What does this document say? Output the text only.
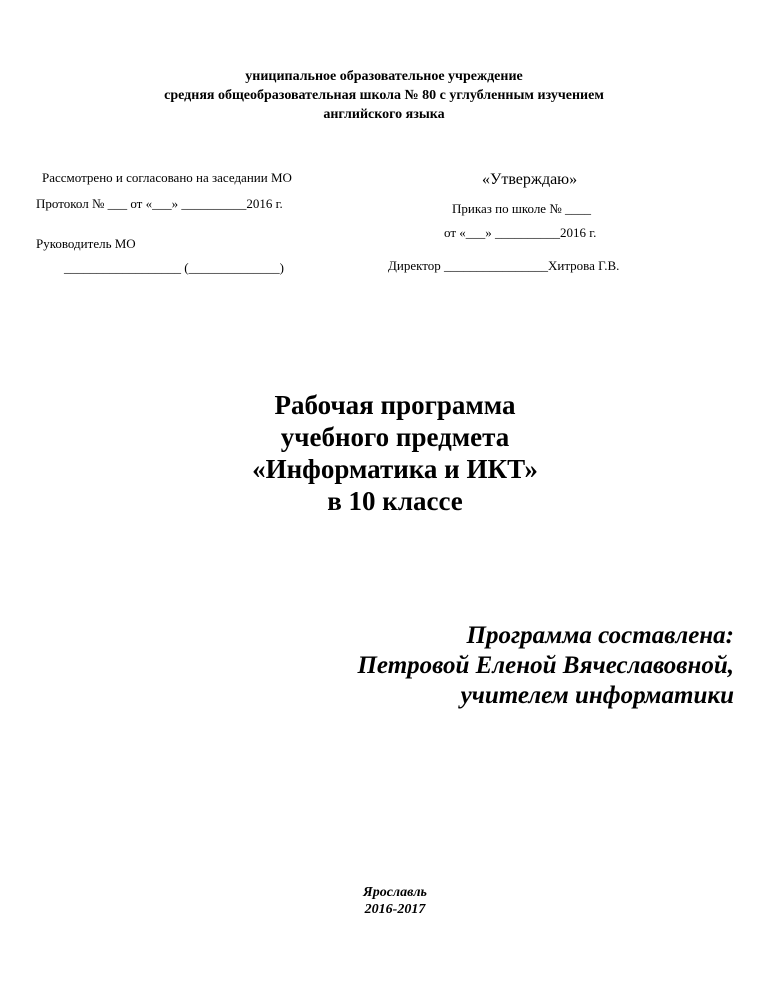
униципальное образовательное учреждение
средняя общеобразовательная школа № 80 с углубленным изучением
английского языка
Рассмотрено и согласовано на заседании МО
Протокол № ___ от «___» __________2016 г.
Руководитель МО
__________________ (______________)
«Утверждаю»
Приказ по школе № ____
от «___» __________2016 г.
Директор ________________Хитрова Г.В.
Рабочая программа
учебного предмета
«Информатика и ИКТ»
в 10 классе
Программа составлена:
Петровой Еленой Вячеславовной,
учителем информатики
Ярославль
2016-2017
